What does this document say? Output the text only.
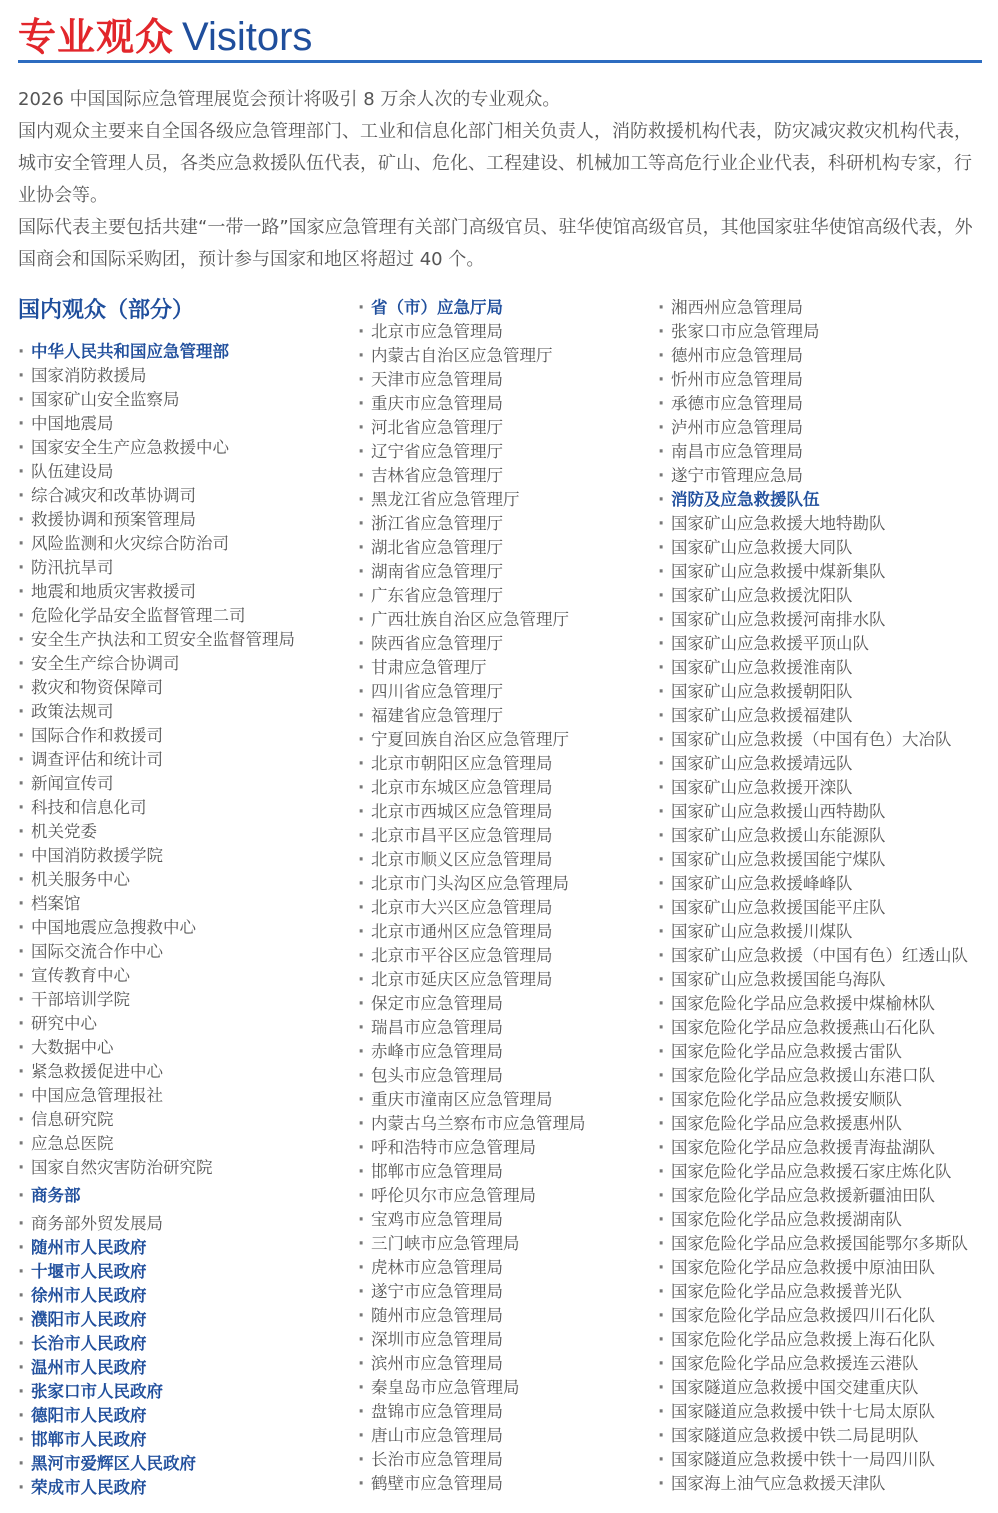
专业观众 Visitors

2026 中国国际应急管理展览会预计将吸引 8 万余人次的专业观众。

国内观众主要来自全国各级应急管理部门、工业和信息化部门相关负责人，消防救援机构代表，防灾减灾救灾机构代表，城市安全管理人员，各类应急救援队伍代表，矿山、危化、工程建设、机械加工等高危行业企业代表，科研机构专家，行业协会等。

国际代表主要包括共建“一带一路”国家应急管理有关部门高级官员、驻华使馆高级官员，其他国家驻华使馆高级代表，外国商会和国际采购团，预计参与国家和地区将超过 40 个。

国内观众（部分）
· 中华人民共和国应急管理部
· 国家消防救援局
· 国家矿山安全监察局
· 中国地震局
· 国家安全生产应急救援中心
· 队伍建设局
· 综合减灾和改革协调司
· 救援协调和预案管理局
· 风险监测和火灾综合防治司
· 防汛抗旱司
· 地震和地质灾害救援司
· 危险化学品安全监督管理二司
· 安全生产执法和工贸安全监督管理局
· 安全生产综合协调司
· 救灾和物资保障司
· 政策法规司
· 国际合作和救援司
· 调查评估和统计司
· 新闻宣传司
· 科技和信息化司
· 机关党委
· 中国消防救援学院
· 机关服务中心
· 档案馆
· 中国地震应急搜救中心
· 国际交流合作中心
· 宣传教育中心
· 干部培训学院
· 研究中心
· 大数据中心
· 紧急救援促进中心
· 中国应急管理报社
· 信息研究院
· 应急总医院
· 国家自然灾害防治研究院
· 商务部
· 商务部外贸发展局
· 随州市人民政府
· 十堰市人民政府
· 徐州市人民政府
· 濮阳市人民政府
· 长治市人民政府
· 温州市人民政府
· 张家口市人民政府
· 德阳市人民政府
· 邯郸市人民政府
· 黑河市爱辉区人民政府
· 荣成市人民政府
· 省（市）应急厅局
· 北京市应急管理局
· 内蒙古自治区应急管理厅
· 天津市应急管理局
· 重庆市应急管理局
· 河北省应急管理厅
· 辽宁省应急管理厅
· 吉林省应急管理厅
· 黑龙江省应急管理厅
· 浙江省应急管理厅
· 湖北省应急管理厅
· 湖南省应急管理厅
· 广东省应急管理厅
· 广西壮族自治区应急管理厅
· 陕西省应急管理厅
· 甘肃应急管理厅
· 四川省应急管理厅
· 福建省应急管理厅
· 宁夏回族自治区应急管理厅
· 北京市朝阳区应急管理局
· 北京市东城区应急管理局
· 北京市西城区应急管理局
· 北京市昌平区应急管理局
· 北京市顺义区应急管理局
· 北京市门头沟区应急管理局
· 北京市大兴区应急管理局
· 北京市通州区应急管理局
· 北京市平谷区应急管理局
· 北京市延庆区应急管理局
· 保定市应急管理局
· 瑞昌市应急管理局
· 赤峰市应急管理局
· 包头市应急管理局
· 重庆市潼南区应急管理局
· 内蒙古乌兰察布市应急管理局
· 呼和浩特市应急管理局
· 邯郸市应急管理局
· 呼伦贝尔市应急管理局
· 宝鸡市应急管理局
· 三门峡市应急管理局
· 虎林市应急管理局
· 遂宁市应急管理局
· 随州市应急管理局
· 深圳市应急管理局
· 滨州市应急管理局
· 秦皇岛市应急管理局
· 盘锦市应急管理局
· 唐山市应急管理局
· 长治市应急管理局
· 鹤壁市应急管理局
· 湘西州应急管理局
· 张家口市应急管理局
· 德州市应急管理局
· 忻州市应急管理局
· 承德市应急管理局
· 泸州市应急管理局
· 南昌市应急管理局
· 遂宁市管理应急局
· 消防及应急救援队伍
· 国家矿山应急救援大地特勘队
· 国家矿山应急救援大同队
· 国家矿山应急救援中煤新集队
· 国家矿山应急救援沈阳队
· 国家矿山应急救援河南排水队
· 国家矿山应急救援平顶山队
· 国家矿山应急救援淮南队
· 国家矿山应急救援朝阳队
· 国家矿山应急救援福建队
· 国家矿山应急救援（中国有色）大冶队
· 国家矿山应急救援靖远队
· 国家矿山应急救援开滦队
· 国家矿山应急救援山西特勘队
· 国家矿山应急救援山东能源队
· 国家矿山应急救援国能宁煤队
· 国家矿山应急救援峰峰队
· 国家矿山应急救援国能平庄队
· 国家矿山应急救援川煤队
· 国家矿山应急救援（中国有色）红透山队
· 国家矿山应急救援国能乌海队
· 国家危险化学品应急救援中煤榆林队
· 国家危险化学品应急救援燕山石化队
· 国家危险化学品应急救援古雷队
· 国家危险化学品应急救援山东港口队
· 国家危险化学品应急救援安顺队
· 国家危险化学品应急救援惠州队
· 国家危险化学品应急救援青海盐湖队
· 国家危险化学品应急救援石家庄炼化队
· 国家危险化学品应急救援新疆油田队
· 国家危险化学品应急救援湖南队
· 国家危险化学品应急救援国能鄂尔多斯队
· 国家危险化学品应急救援中原油田队
· 国家危险化学品应急救援普光队
· 国家危险化学品应急救援四川石化队
· 国家危险化学品应急救援上海石化队
· 国家危险化学品应急救援连云港队
· 国家隧道应急救援中国交建重庆队
· 国家隧道应急救援中铁十七局太原队
· 国家隧道应急救援中铁二局昆明队
· 国家隧道应急救援中铁十一局四川队
· 国家海上油气应急救援天津队
